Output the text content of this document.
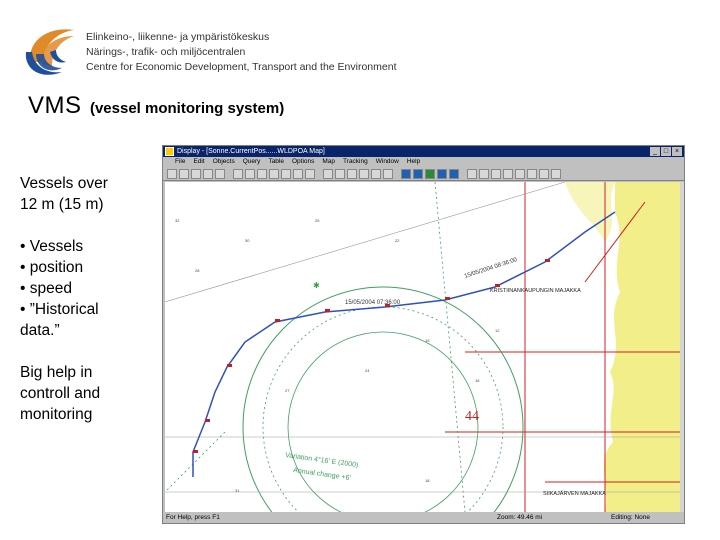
Elinkeino-, liikenne- ja ympäristökeskus
Närings-, trafik- och miljöcentralen
Centre for Economic Development, Transport and the Environment
VMS (vessel monitoring system)

Vessels over

12 m (15 m)

• Vessels

• position

• speed

• ”Historical

data.”

Big help in

controll and

monitoring

Display - [Sonne.CurrentPos......WLDPOA Map]	_ □ ×
File Edit Objects Query Table Options Map Tracking Window Help
15/05/2004 07:36:00
15/05/2004 08:36:00
44
Variation 4°16' E (2000)
Annual change +6'
KRISTIINANKAUPUNGIN MAJAKKA
SIIKAJÄRVEN MAJAKKA
32
28
30
25
22
19
16
12
27
24
31
18
✱
For Help, press F1	Zoom: 49.46 mi	Editing: None
